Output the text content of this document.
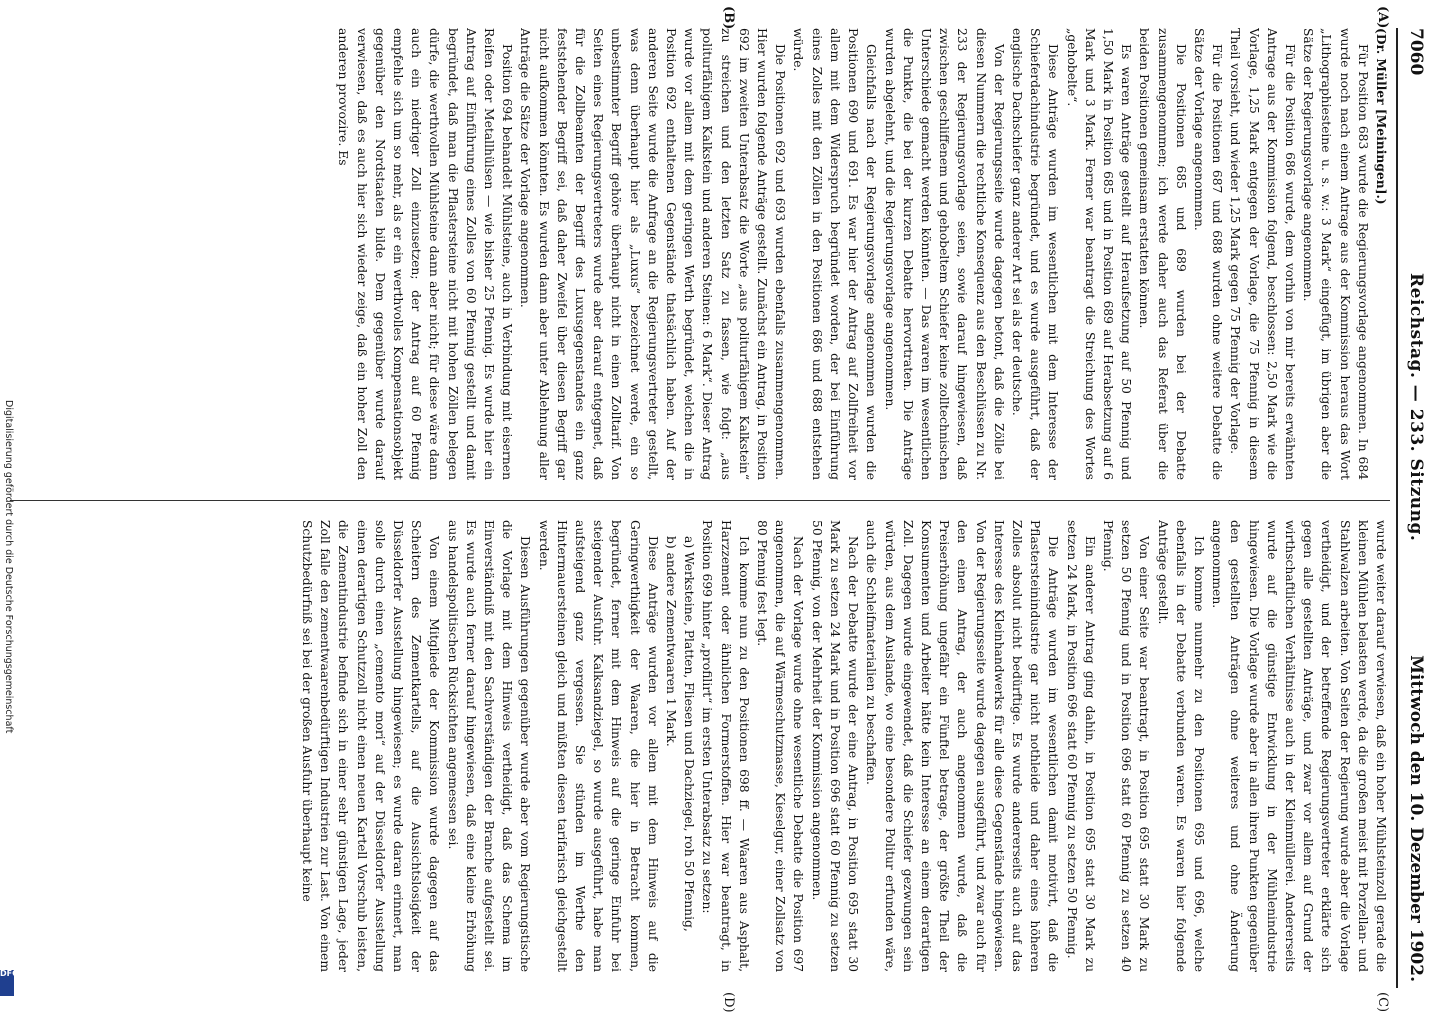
7060
Reichstag. — 233. Sitzung.
Mittwoch den 10. Dezember 1902.
(A)
(B)
(C)
(D)

(Dr. Müller [Meiningen].)

Für Position 683 wurde die Regierungsvorlage angenommen. In 684 wurde noch nach einem Antrage aus der Kommission heraus das Wort „Lithographiesteine u. s. w.: 3 Mark“ eingefügt, im übrigen aber die Sätze der Regierungsvorlage angenommen.

Für die Position 686 wurde, dem vorhin von mir bereits erwähnten Antrage aus der Kommission folgend, beschlossen: 2,50 Mark wie die Vorlage, 1,25 Mark entgegen der Vorlage, die 75 Pfennig in diesem Theil vorsieht, und wieder 1,25 Mark gegen 75 Pfennig der Vorlage.

Für die Positionen 687 und 688 wurden ohne weitere Debatte die Sätze der Vorlage angenommen.

Die Positionen 685 und 689 wurden bei der Debatte zusammengenommen; ich werde daher auch das Referat über die beiden Positionen gemeinsam erstatten können.

Es waren Anträge gestellt auf Heraufsetzung auf 50 Pfennig und 1,50 Mark in Position 685 und in Position 689 auf Herabsetzung auf 6 Mark und 3 Mark. Ferner war beantragt die Streichung des Wortes „gehobelte“.

Diese Anträge wurden im wesentlichen mit dem Interesse der Schieferdachindustrie begründet, und es wurde ausgeführt, daß der englische Dachschiefer ganz anderer Art sei als der deutsche.

Von der Regierungsseite wurde dagegen betont, daß die Zölle bei diesen Nummern die rechtliche Konsequenz aus den Beschlüssen zu Nr. 233 der Regierungsvorlage seien, sowie darauf hingewiesen, daß zwischen geschliffenem und gehobeltem Schiefer keine zolltechnischen Unterschiede gemacht werden könnten. — Das waren im wesentlichen die Punkte, die bei der kurzen Debatte hervortraten. Die Anträge wurden abgelehnt, und die Regierungsvorlage angenommen.

Gleichfalls nach der Regierungsvorlage angenommen wurden die Positionen 690 und 691. Es war hier der Antrag auf Zollfreiheit vor allem mit dem Widerspruch begründet worden, der bei Einführung eines Zolles mit den Zöllen in den Positionen 686 und 688 entstehen würde.

Die Positionen 692 und 693 wurden ebenfalls zusammengenommen. Hier wurden folgende Anträge gestellt. Zunächst ein Antrag, in Position 692 im zweiten Unterabsatz die Worte „aus politurfähigem Kalkstein“ zu streichen und den letzten Satz zu fassen, wie folgt: „aus politurfähigem Kalkstein und anderen Steinen: 6 Mark“. Dieser Antrag wurde vor allem mit dem geringen Werth begründet, welchen die in Position 692 enthaltenen Gegenstände thatsächlich haben. Auf der anderen Seite wurde die Anfrage an die Regierungsvertreter gestellt, was denn überhaupt hier als „Luxus“ bezeichnet werde, ein so unbestimmter Begriff gehöre überhaupt nicht in einen Zolltarif. Von Seiten eines Regierungsvertreters wurde aber darauf entgegnet, daß für die Zollbeamten der Begriff des Luxusgegenstandes ein ganz feststehender Begriff sei, daß daher Zweifel über diesen Begriff gar nicht aufkommen könnten. Es wurden dann aber unter Ablehnung aller Anträge die Sätze der Vorlage angenommen.

Position 694 behandelt Mühlsteine, auch in Verbindung mit eisernen Reifen oder Metallhülsen — wie bisher 25 Pfennig. Es wurde hier ein Antrag auf Einführung eines Zolles von 60 Pfennig gestellt und damit begründet, daß man die Pflastersteine nicht mit hohen Zöllen belegen dürfe, die werthvollen Mühlsteine dann aber nicht; für diese wäre dann auch ein niedriger Zoll einzusetzen; der Antrag auf 60 Pfennig empfehle sich um so mehr, als er ein werthvolles Kompensationsobjekt gegenüber den Nordstaaten bilde. Dem gegenüber wurde darauf verwiesen, daß es auch hier sich wieder zeige, daß ein hoher Zoll den anderen provozire. Es

wurde weiter darauf verwiesen, daß ein hoher Mühlsteinzoll gerade die kleinen Mühlen belasten werde, da die großen meist mit Porzellan- und Stahlwalzen arbeiten. Von Seiten der Regierung wurde aber die Vorlage vertheidigt, und der betreffende Regierungsvertreter erklärte sich gegen alle gestellten Anträge, und zwar vor allem auf Grund der wirthschaftlichen Verhältnisse auch in der Kleinmüllerei. Andererseits wurde auf die günstige Entwicklung in der Mühlenindustrie hingewiesen. Die Vorlage wurde aber in allen ihren Punkten gegenüber den gestellten Anträgen ohne weiteres und ohne Änderung angenommen.

Ich komme nunmehr zu den Positionen 695 und 696, welche ebenfalls in der Debatte verbunden waren. Es waren hier folgende Anträge gestellt.

Von einer Seite war beantragt, in Position 695 statt 30 Mark zu setzen 50 Pfennig und in Position 696 statt 60 Pfennig zu setzen 40 Pfennig.

Ein anderer Antrag ging dahin, in Position 695 statt 30 Mark zu setzen 24 Mark, in Position 696 statt 60 Pfennig zu setzen 50 Pfennig.

Die Anträge wurden im wesentlichen damit motivirt, daß die Pflastersteinindustrie gar nicht nothleide und daher eines höheren Zolles absolut nicht bedürftige. Es wurde andererseits auch auf das Interesse des Kleinhandwerks für alle diese Gegenstände hingewiesen. Von der Regierungsseite wurde dagegen ausgeführt, und zwar auch für den einen Antrag, der auch angenommen wurde, daß die Preiserhöhung ungefähr ein Fünftel betrage, der größte Theil der Konsumenten und Arbeiter hätte kein Interesse an einem derartigen Zoll. Dagegen wurde eingewendet, daß die Schiefer gezwungen sein würden, aus dem Auslande, wo eine besondere Politur erfunden wäre, auch die Schleifmaterialien zu beschaffen.

Nach der Debatte wurde der eine Antrag, in Position 695 statt 30 Mark zu setzen 24 Mark und in Position 696 statt 60 Pfennig zu setzen 50 Pfennig, von der Mehrheit der Kommission angenommen.

Nach der Vorlage wurde ohne wesentliche Debatte die Position 697 angenommen, die auf Wärmeschutzmasse, Kieselgur, einer Zollsatz von 80 Pfennig fest legt.

Ich komme nun zu den Positionen 698 ff. — Waaren aus Asphalt, Harzzement oder ähnlichen Formerstoffen. Hier war beantragt, in Position 699 hinter „profilirt“ im ersten Unterabsatz zu setzen:

a) Werksteine, Platten, Fliesen und Dachziegel, roh 50 Pfennig,

b) andere Zementwaaren 1 Mark.

Diese Anträge wurden vor allem mit dem Hinweis auf die Geringwerthigkeit der Waaren, die hier in Betracht kommen, begründet, ferner mit dem Hinweis auf die geringe Einfuhr bei steigender Ausfuhr. Kalksandziegel, so wurde ausgeführt, habe man aufsteigend ganz vergessen. Sie stünden im Werthe den Hintermauersteinen gleich und müßten diesen tarifarisch gleichgestellt werden.

Diesen Ausführungen gegenüber wurde aber vom Regierungstische die Vorlage mit dem Hinweis vertheidigt, daß das Schema im Einverständniß mit den Sachverständigen der Branche aufgestellt sei. Es wurde auch ferner darauf hingewiesen, daß eine kleine Erhöhung aus handelspolitischen Rücksichten angemessen sei.

Von einem Mitgliede der Kommission wurde dagegen auf das Scheitern des Zementkartells, auf die Aussichtslosigkeit der Düsseldorfer Ausstellung hingewiesen; es wurde daran erinnert, man solle durch einen „cemento mori“ auf der Düsseldorfer Ausstellung einen derartigen Schutzzoll nicht einen neuen Kartell Vorschub leisten, die Zementindustrie befinde sich in einer sehr günstigen Lage, jeder Zoll falle den zementwaarenbedürftigen Industrien zur Last. Von einem Schutzbedürfniß sei bei der großen Ausfuhr überhaupt keine

Digitalisierung gefördert durch die Deutsche Forschungsgemeinschaft
DFG
